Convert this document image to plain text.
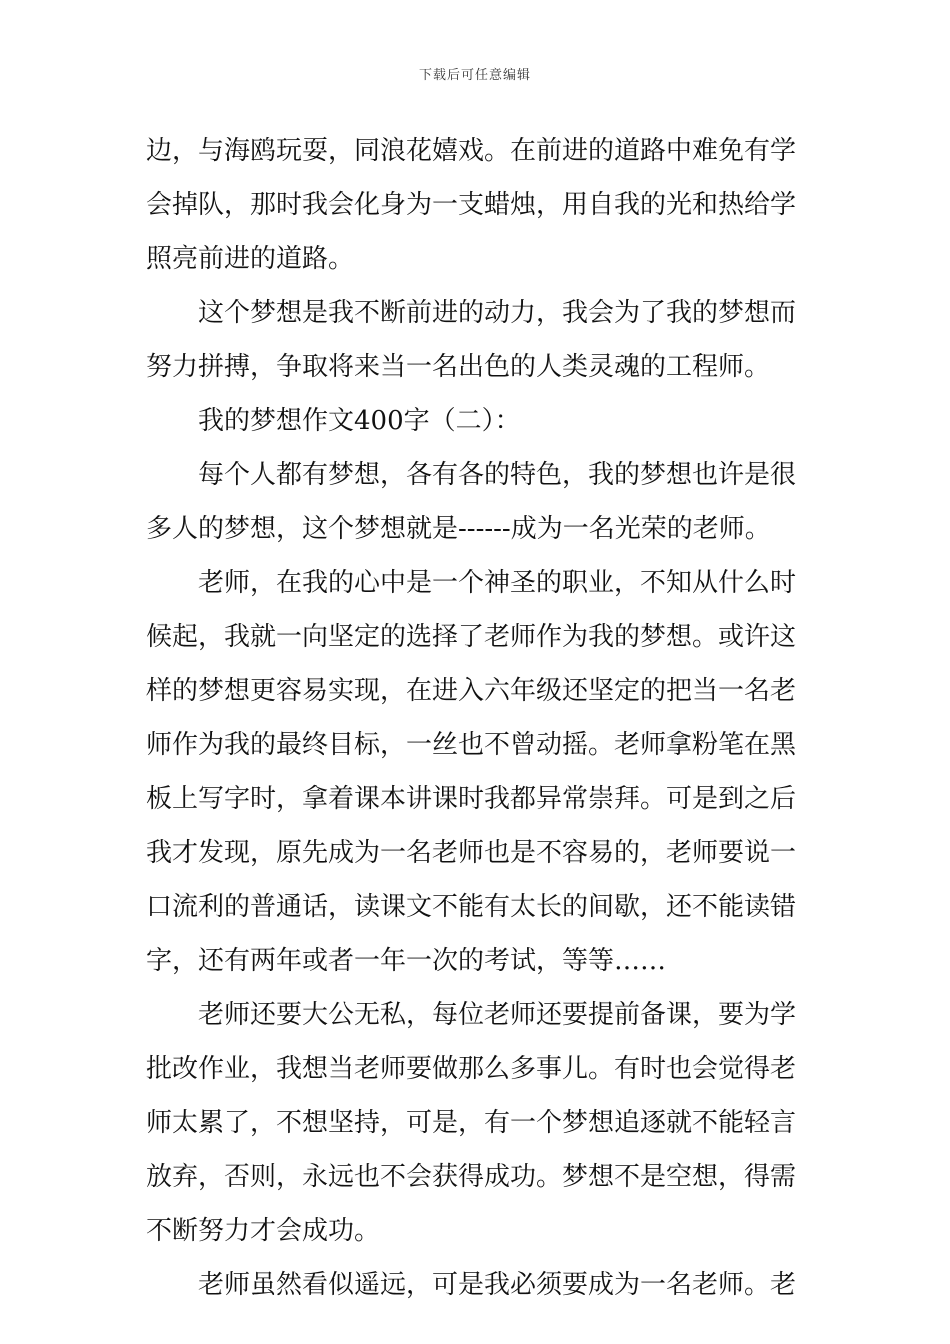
下载后可任意编辑
边，与海鸥玩耍，同浪花嬉戏。在前进的道路中难免有学
会掉队，那时我会化身为一支蜡烛，用自我的光和热给学
照亮前进的道路。
　　这个梦想是我不断前进的动力，我会为了我的梦想而
努力拼搏，争取将来当一名出色的人类灵魂的工程师。
　　我的梦想作文400字（二）：
　　每个人都有梦想，各有各的特色，我的梦想也许是很
多人的梦想，这个梦想就是------成为一名光荣的老师。
　　老师，在我的心中是一个神圣的职业，不知从什么时
候起，我就一向坚定的选择了老师作为我的梦想。或许这
样的梦想更容易实现，在进入六年级还坚定的把当一名老
师作为我的最终目标，一丝也不曾动摇。老师拿粉笔在黑
板上写字时，拿着课本讲课时我都异常崇拜。可是到之后
我才发现，原先成为一名老师也是不容易的，老师要说一
口流利的普通话，读课文不能有太长的间歇，还不能读错
字，还有两年或者一年一次的考试，等等……
　　老师还要大公无私，每位老师还要提前备课，要为学
批改作业，我想当老师要做那么多事儿。有时也会觉得老
师太累了，不想坚持，可是，有一个梦想追逐就不能轻言
放弃，否则，永远也不会获得成功。梦想不是空想，得需
不断努力才会成功。
　　老师虽然看似遥远，可是我必须要成为一名老师。老
